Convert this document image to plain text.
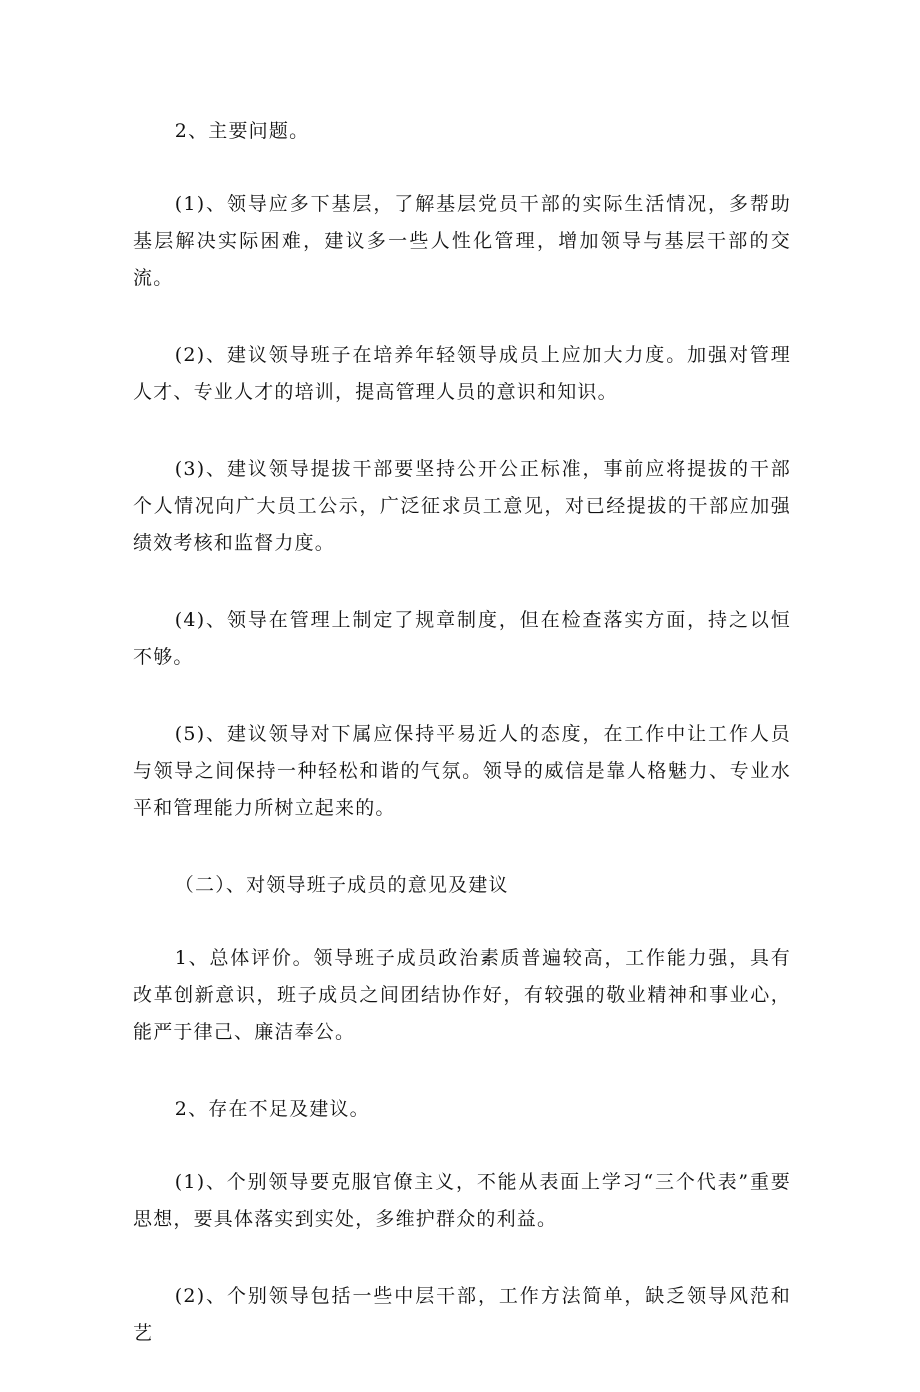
2、主要问题。

(1)、领导应多下基层，了解基层党员干部的实际生活情况，多帮助基层解决实际困难，建议多一些人性化管理，增加领导与基层干部的交流。

(2)、建议领导班子在培养年轻领导成员上应加大力度。加强对管理人才、专业人才的培训，提高管理人员的意识和知识。

(3)、建议领导提拔干部要坚持公开公正标准，事前应将提拔的干部个人情况向广大员工公示，广泛征求员工意见，对已经提拔的干部应加强绩效考核和监督力度。

(4)、领导在管理上制定了规章制度，但在检查落实方面，持之以恒不够。

(5)、建议领导对下属应保持平易近人的态度，在工作中让工作人员与领导之间保持一种轻松和谐的气氛。领导的威信是靠人格魅力、专业水平和管理能力所树立起来的。

（二）、对领导班子成员的意见及建议

1、总体评价。领导班子成员政治素质普遍较高，工作能力强，具有改革创新意识，班子成员之间团结协作好，有较强的敬业精神和事业心，能严于律己、廉洁奉公。

2、存在不足及建议。

(1)、个别领导要克服官僚主义，不能从表面上学习“三个代表”重要思想，要具体落实到实处，多维护群众的利益。

(2)、个别领导包括一些中层干部，工作方法简单，缺乏领导风范和艺
